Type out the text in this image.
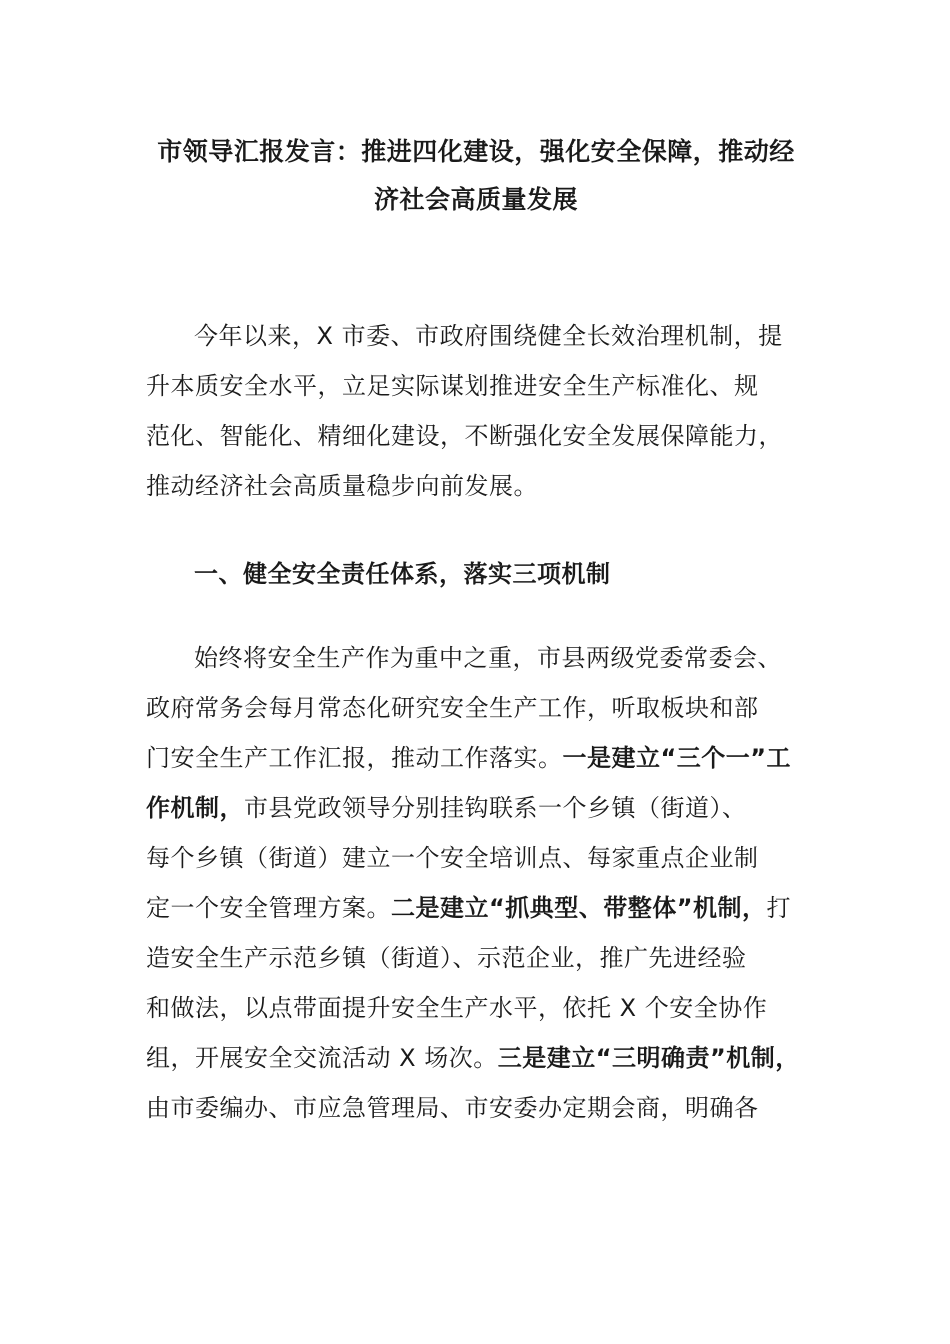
市领导汇报发言：推进四化建设，强化安全保障，推动经
济社会高质量发展
今年以来，X 市委、市政府围绕健全长效治理机制，提
升本质安全水平，立足实际谋划推进安全生产标准化、规
范化、智能化、精细化建设，不断强化安全发展保障能力，
推动经济社会高质量稳步向前发展。
一、健全安全责任体系，落实三项机制
始终将安全生产作为重中之重，市县两级党委常委会、
政府常务会每月常态化研究安全生产工作，听取板块和部
门安全生产工作汇报，推动工作落实。一是建立“三个一”工
作机制，市县党政领导分别挂钩联系一个乡镇（街道）、
每个乡镇（街道）建立一个安全培训点、每家重点企业制
定一个安全管理方案。二是建立“抓典型、带整体”机制，打
造安全生产示范乡镇（街道）、示范企业，推广先进经验
和做法，以点带面提升安全生产水平，依托 X 个安全协作
组，开展安全交流活动 X 场次。三是建立“三明确责”机制，
由市委编办、市应急管理局、市安委办定期会商，明确各
